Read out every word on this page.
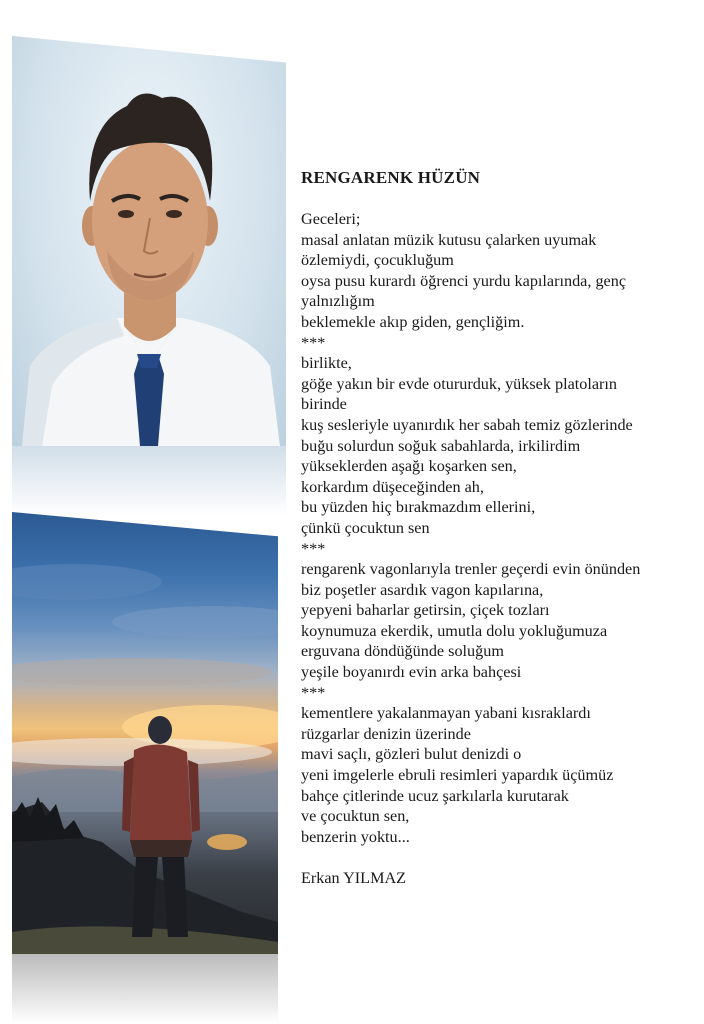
RENGARENK HÜZÜN
Geceleri;
masal anlatan müzik kutusu çalarken uyumak
özlemiydi, çocukluğum
oysa pusu kurardı öğrenci yurdu kapılarında, genç
yalnızlığım
beklemekle akıp giden, gençliğim.
***
birlikte,
göğe yakın bir evde otururduk, yüksek platoların
birinde
kuş sesleriyle uyanırdık her sabah temiz gözlerinde
buğu solurdun soğuk sabahlarda, irkilirdim
yükseklerden aşağı koşarken sen,
korkardım düşeceğinden ah,
bu yüzden hiç bırakmazdım ellerini,
çünkü çocuktun sen
***
rengarenk vagonlarıyla trenler geçerdi evin önünden
biz poşetler asardık vagon kapılarına,
yepyeni baharlar getirsin, çiçek tozları
koynumuza ekerdik, umutla dolu yokluğumuza
erguvana döndüğünde soluğum
yeşile boyanırdı evin arka bahçesi
***
kementlere yakalanmayan yabani kısraklardı
rüzgarlar denizin üzerinde
mavi saçlı, gözleri bulut denizdi o
yeni imgelerle ebruli resimleri yapardık üçümüz
bahçe çitlerinde ucuz şarkılarla kurutarak
ve çocuktun sen,
benzerin yoktu...
Erkan YILMAZ
